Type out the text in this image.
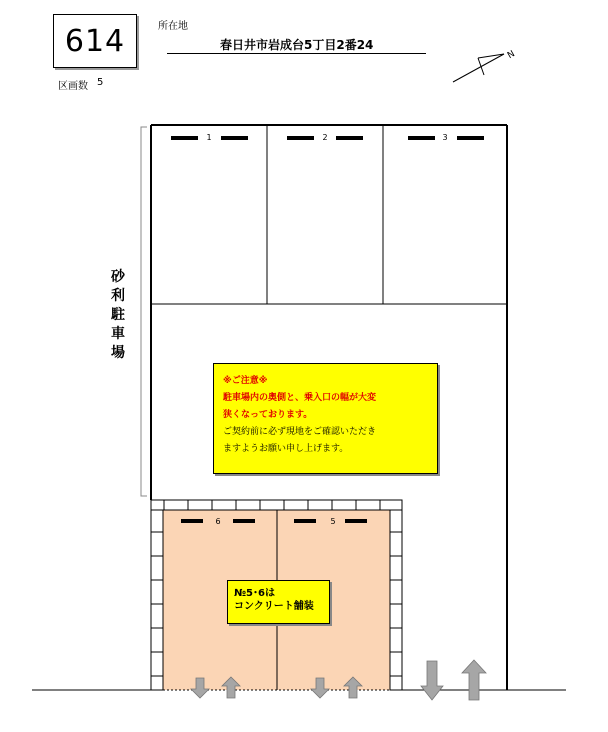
614	所在地
春日井市岩成台5丁目2番24
区画数 5
N
1	2	3
6	5
砂利駐車場
※ご注意※
駐車場内の奥側と、乗入口の幅が大変
狭くなっております。
ご契約前に必ず現地をご確認いただき
ますようお願い申し上げます。
№5･6は
コンクリート舗装
